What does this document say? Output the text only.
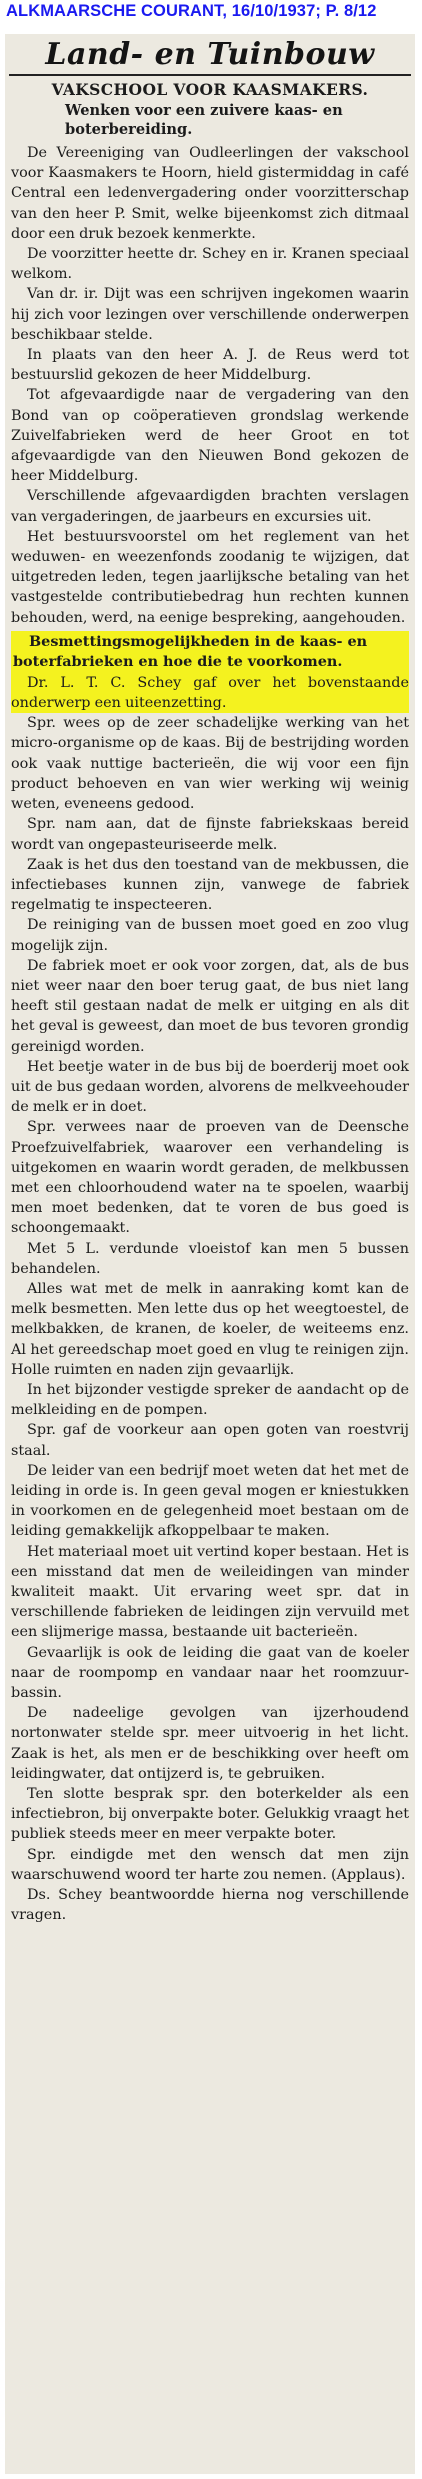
ALKMAARSCHE COURANT, 16/10/1937; P. 8/12
Land- en Tuinbouw
VAKSCHOOL VOOR KAASMAKERS.
Wenken voor een zuivere kaas- en boterbereiding.

De Vereeniging van Oudleerlingen der vakschool voor Kaasmakers te Hoorn, hield gistermiddag in café Central een ledenvergadering onder voorzitterschap van den heer P. Smit, welke bijeenkomst zich ditmaal door een druk bezoek kenmerkte.

De voorzitter heette dr. Schey en ir. Kranen speciaal welkom.

Van dr. ir. Dijt was een schrijven ingekomen waarin hij zich voor lezingen over verschillende onderwerpen beschikbaar stelde.

In plaats van den heer A. J. de Reus werd tot bestuurslid gekozen de heer Middelburg.

Tot afgevaardigde naar de vergadering van den Bond van op coöperatieven grondslag werkende Zuivelfabrieken werd de heer Groot en tot afgevaardigde van den Nieuwen Bond gekozen de heer Middelburg.

Verschillende afgevaardigden brachten verslagen van vergaderingen, de jaarbeurs en excursies uit.

Het bestuursvoorstel om het reglement van het weduwen- en weezenfonds zoodanig te wijzigen, dat uitgetreden leden, tegen jaarlijksche betaling van het vastgestelde contributiebedrag hun rechten kunnen behouden, werd, na eenige bespreking, aangehouden.

Besmettingsmogelijkheden in de kaas- en boterfabrieken en hoe die te voorkomen.

Dr. L. T. C. Schey gaf over het bovenstaande onderwerp een uiteenzetting.

Spr. wees op de zeer schadelijke werking van het micro-organisme op de kaas. Bij de bestrijding worden ook vaak nuttige bacterieën, die wij voor een fijn product behoeven en van wier werking wij weinig weten, eveneens gedood.

Spr. nam aan, dat de fijnste fabriekskaas bereid wordt van ongepasteuriseerde melk.

Zaak is het dus den toestand van de mekbussen, die infectiebases kunnen zijn, vanwege de fabriek regelmatig te inspecteeren.

De reiniging van de bussen moet goed en zoo vlug mogelijk zijn.

De fabriek moet er ook voor zorgen, dat, als de bus niet weer naar den boer terug gaat, de bus niet lang heeft stil gestaan nadat de melk er uitging en als dit het geval is geweest, dan moet de bus tevoren grondig gereinigd worden.

Het beetje water in de bus bij de boerderij moet ook uit de bus gedaan worden, alvorens de melkveehouder de melk er in doet.

Spr. verwees naar de proeven van de Deensche Proefzuivelfabriek, waarover een verhandeling is uitgekomen en waarin wordt geraden, de melkbussen met een chloorhoudend water na te spoelen, waarbij men moet bedenken, dat te voren de bus goed is schoongemaakt.

Met 5 L. verdunde vloeistof kan men 5 bussen behandelen.

Alles wat met de melk in aanraking komt kan de melk besmetten. Men lette dus op het weegtoestel, de melkbakken, de kranen, de koeler, de weiteems enz. Al het gereedschap moet goed en vlug te reinigen zijn. Holle ruimten en naden zijn gevaarlijk.

In het bijzonder vestigde spreker de aandacht op de melkleiding en de pompen.

Spr. gaf de voorkeur aan open goten van roestvrij staal.

De leider van een bedrijf moet weten dat het met de leiding in orde is. In geen geval mogen er kniestukken in voorkomen en de gelegenheid moet bestaan om de leiding gemakkelijk afkoppelbaar te maken.

Het materiaal moet uit vertind koper bestaan. Het is een misstand dat men de weileidingen van minder kwaliteit maakt. Uit ervaring weet spr. dat in verschillende fabrieken de leidingen zijn vervuild met een slijmerige massa, bestaande uit bacterieën.

Gevaarlijk is ook de leiding die gaat van de koeler naar de roompomp en vandaar naar het roomzuur-bassin.

De nadeelige gevolgen van ijzerhoudend nortonwater stelde spr. meer uitvoerig in het licht. Zaak is het, als men er de beschikking over heeft om leidingwater, dat ontijzerd is, te gebruiken.

Ten slotte besprak spr. den boterkelder als een infectiebron, bij onverpakte boter. Gelukkig vraagt het publiek steeds meer en meer verpakte boter.

Spr. eindigde met den wensch dat men zijn waarschuwend woord ter harte zou nemen. (Applaus).

Ds. Schey beantwoordde hierna nog verschillende vragen.
